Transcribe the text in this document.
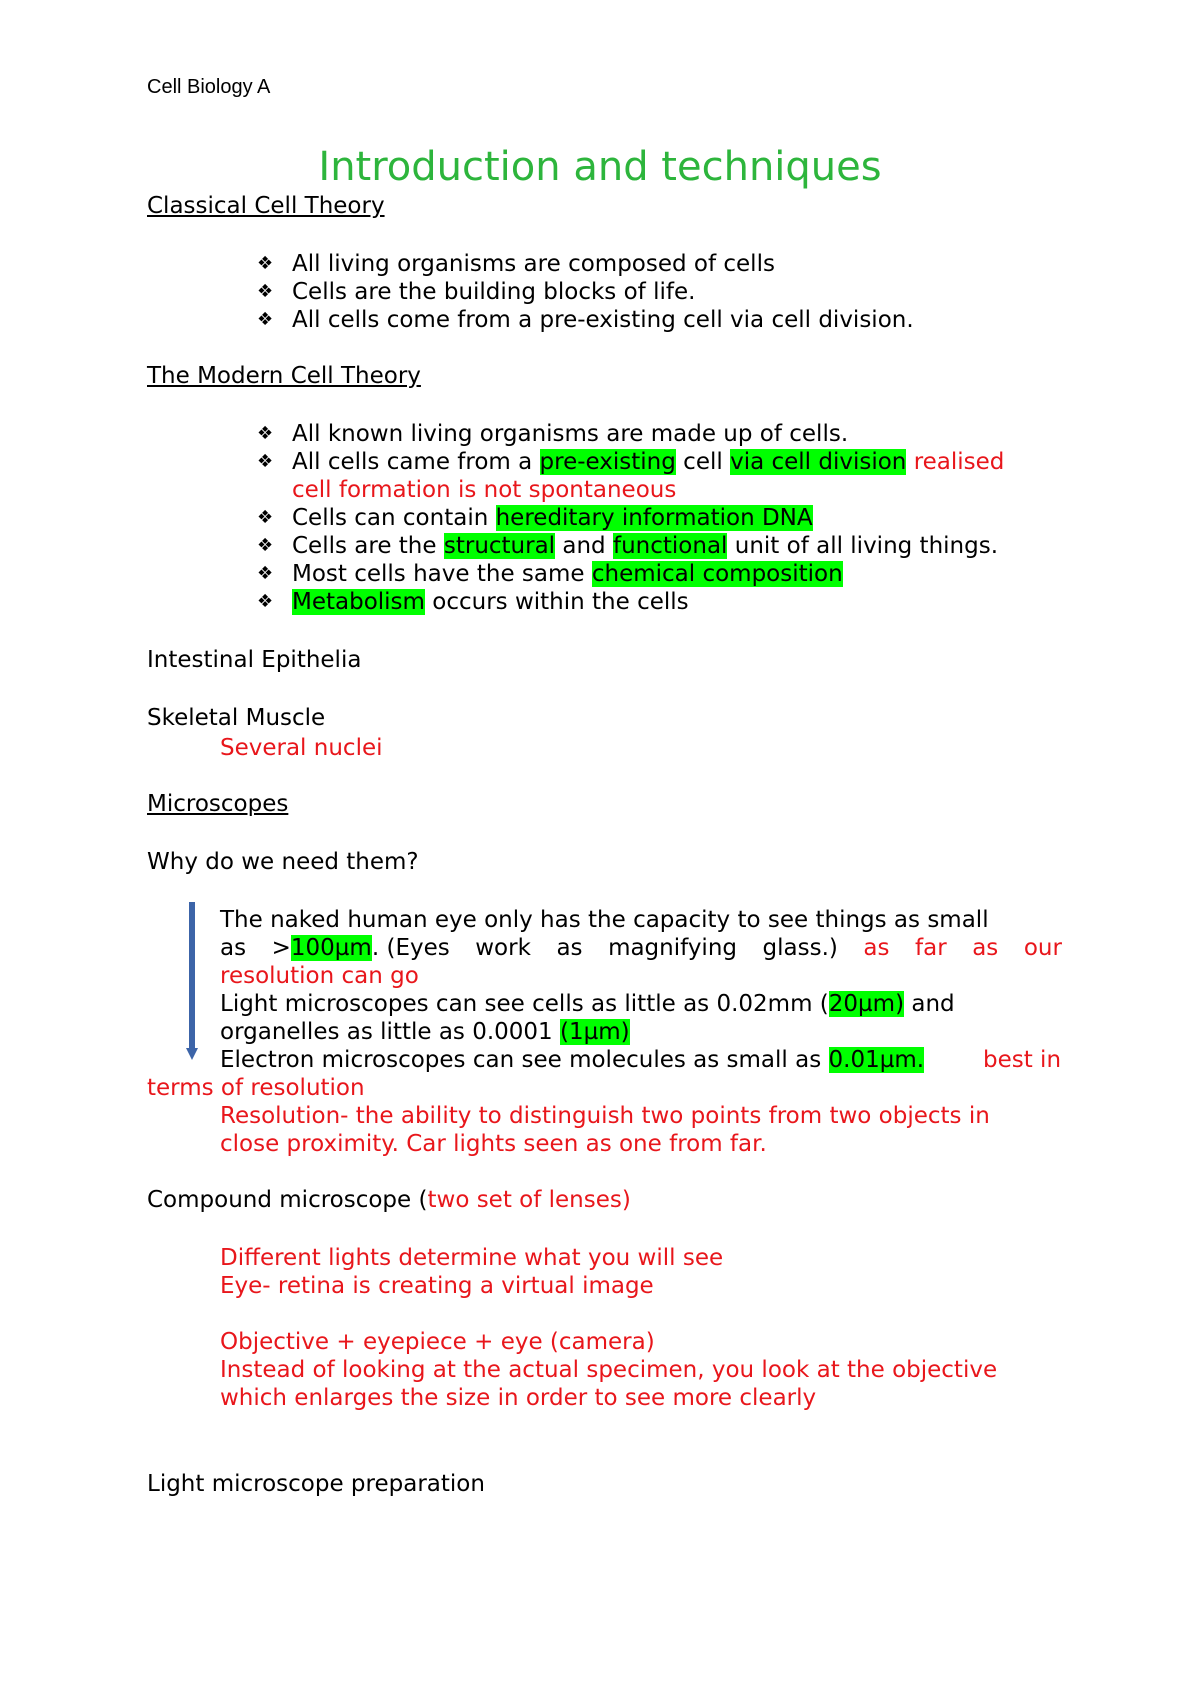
Cell Biology A
Introduction and techniques
Classical Cell Theory
❖ All living organisms are composed of cells
❖ Cells are the building blocks of life.
❖ All cells come from a pre-existing cell via cell division.
The Modern Cell Theory
❖ All known living organisms are made up of cells.
❖ All cells came from a pre-existing cell via cell division realised
cell formation is not spontaneous
❖ Cells can contain hereditary information DNA
❖ Cells are the structural and functional unit of all living things.
❖ Most cells have the same chemical composition
❖ Metabolism occurs within the cells
Intestinal Epithelia
Skeletal Muscle
Several nuclei
Microscopes
Why do we need them?
The naked human eye only has the capacity to see things as small
as >100µm. (Eyes work as magnifying glass.) as far as our
resolution can go
Light microscopes can see cells as little as 0.02mm (20µm) and
organelles as little as 0.0001 (1µm)
Electron microscopes can see molecules as small as 0.01µm.	best in
terms of resolution
Resolution- the ability to distinguish two points from two objects in
close proximity. Car lights seen as one from far.
Compound microscope (two set of lenses)
Different lights determine what you will see
Eye- retina is creating a virtual image
Objective + eyepiece + eye (camera)
Instead of looking at the actual specimen, you look at the objective
which enlarges the size in order to see more clearly
Light microscope preparation
